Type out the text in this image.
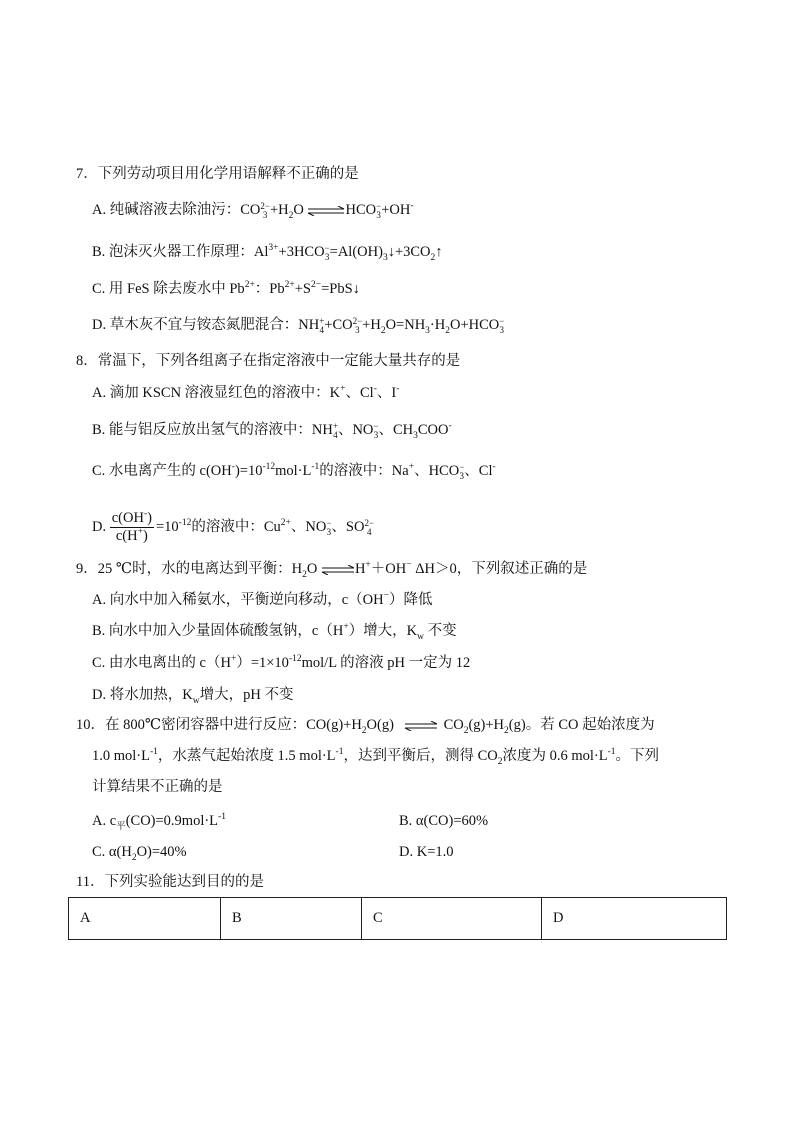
7．下列劳动项目用化学用语解释不正确的是
A. 纯碱溶液去除油污：CO 2−
$3 +H_2O$ ⇌HCO −
3 +OH-
B. 泡沫灭火器工作原理：$Al^{3+}+3HCO$ −
$3 =Al(OH)_3↓+3CO_2↑$
C. 用 FeS 除去废水中 $Pb^{2+}$：$Pb^{2+}+S^{2-}=PbS↓$
D. 草木灰不宜与铵态氮肥混合：NH +
4 +CO 2−
$3 +H_2O=NH_3\cdot H_2O+HCO$ −
3
8．常温下，下列各组离子在指定溶液中一定能大量共存的是
A. 滴加 KSCN 溶液显红色的溶液中：K+、Cl-、I-
B. 能与铝反应放出氢气的溶液中：NH +
4 、NO −
3 、$CH_3COO^-$
C. 水电离产生的 $c(OH^-)=10^{-12}mol\cdot L^{-1}$的溶液中：Na+、HCO −
3 、Cl-
D. $\frac{c(OH^-)}{c(H^+)} =10^{-12}$的溶液中：$Cu^{2+}$、NO −
3 、SO 2−
4
9．25 ℃时，水的电离达到平衡：$H_2O$ ⇌H+＋OH− ΔH＞0，下列叙述正确的是
A. 向水中加入稀氨水，平衡逆向移动，c（OH−）降低
B. 向水中加入少量固体硫酸氢钠，c（H+）增大，$K_w$ 不变
C. 由水电离出的 $c(H^+)=1\times 10^{-12}mol/L$ 的溶液 pH 一定为 12
D. 将水加热，$K_w$增大，pH 不变
10．在 800℃密闭容器中进行反应：$CO(g)+H_2O(g)$ ⇌ $CO_2(g)+H_2(g)$。若 CO 起始浓度为
1.0 $mol\cdot L^{-1}$，水蒸气起始浓度 1.5 $mol\cdot L^{-1}$，达到平衡后，测得 $CO_2$浓度为 0.6 $mol\cdot L^{-1}$。下列
计算结果不正确的是
A. $c_平(CO)=0.9mol\cdot L^{-1}$	B. α(CO)=60%
C. $\alpha(H_2O)=40\%$	D. K=1.0
11．下列实验能达到目的的是
A	B	C	D
